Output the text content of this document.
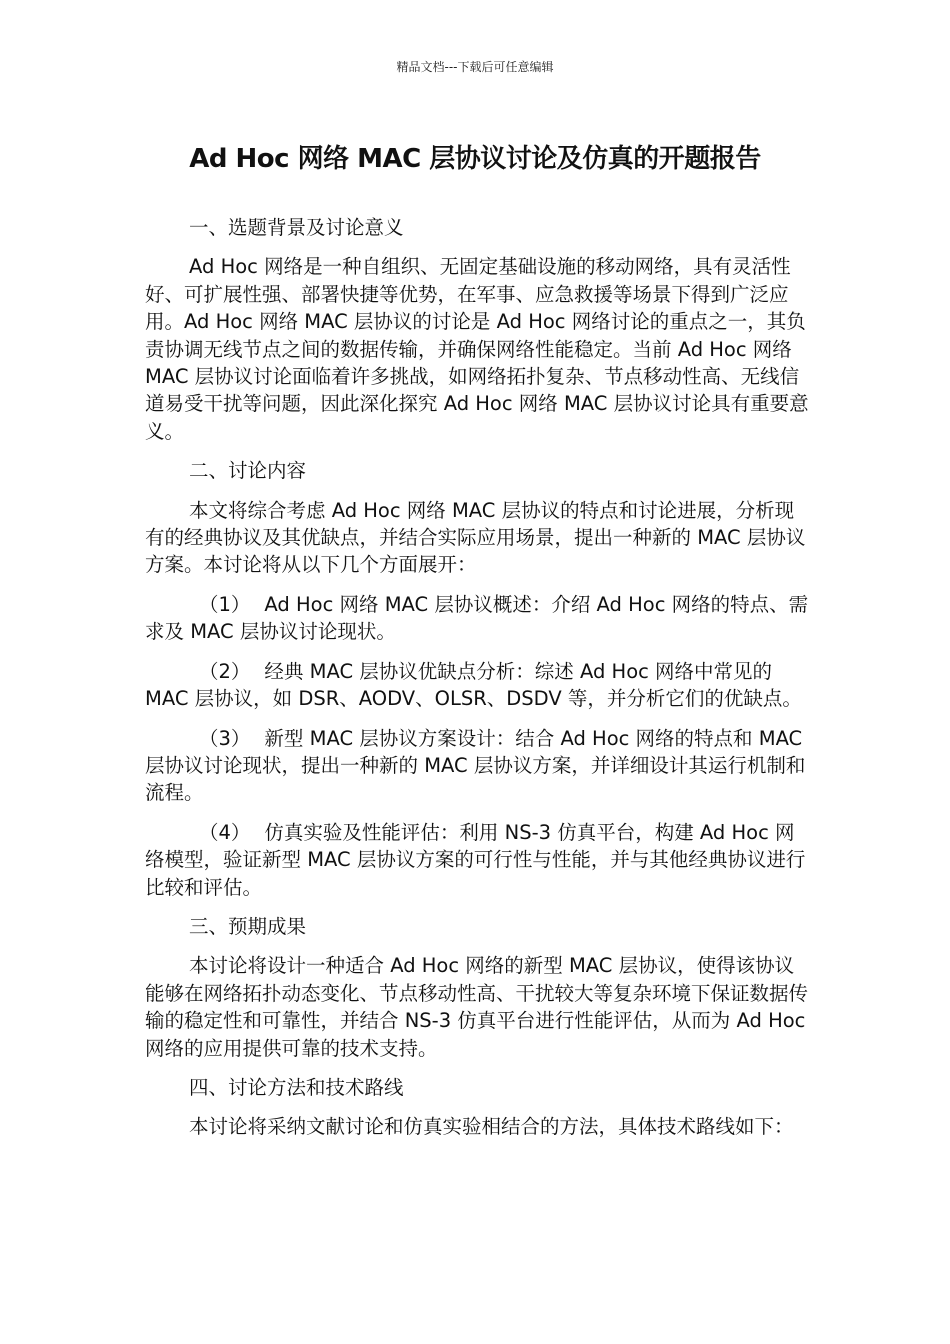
精品文档---下载后可任意编辑
Ad Hoc 网络 MAC 层协议讨论及仿真的开题报告

一、选题背景及讨论意义

Ad Hoc 网络是一种自组织、无固定基础设施的移动网络，具有灵活性好、可扩展性强、部署快捷等优势，在军事、应急救援等场景下得到广泛应用。Ad Hoc 网络 MAC 层协议的讨论是 Ad Hoc 网络讨论的重点之一，其负责协调无线节点之间的数据传输，并确保网络性能稳定。当前 Ad Hoc 网络 MAC 层协议讨论面临着许多挑战，如网络拓扑复杂、节点移动性高、无线信道易受干扰等问题，因此深化探究 Ad Hoc 网络 MAC 层协议讨论具有重要意义。

二、讨论内容

本文将综合考虑 Ad Hoc 网络 MAC 层协议的特点和讨论进展，分析现有的经典协议及其优缺点，并结合实际应用场景，提出一种新的 MAC 层协议方案。本讨论将从以下几个方面展开：

（1） Ad Hoc 网络 MAC 层协议概述：介绍 Ad Hoc 网络的特点、需求及 MAC 层协议讨论现状。

（2） 经典 MAC 层协议优缺点分析：综述 Ad Hoc 网络中常见的 MAC 层协议，如 DSR、AODV、OLSR、DSDV 等，并分析它们的优缺点。

（3） 新型 MAC 层协议方案设计：结合 Ad Hoc 网络的特点和 MAC 层协议讨论现状，提出一种新的 MAC 层协议方案，并详细设计其运行机制和流程。

（4） 仿真实验及性能评估：利用 NS-3 仿真平台，构建 Ad Hoc 网络模型，验证新型 MAC 层协议方案的可行性与性能，并与其他经典协议进行比较和评估。

三、预期成果

本讨论将设计一种适合 Ad Hoc 网络的新型 MAC 层协议，使得该协议能够在网络拓扑动态变化、节点移动性高、干扰较大等复杂环境下保证数据传输的稳定性和可靠性，并结合 NS-3 仿真平台进行性能评估，从而为 Ad Hoc 网络的应用提供可靠的技术支持。

四、讨论方法和技术路线

本讨论将采纳文献讨论和仿真实验相结合的方法，具体技术路线如下：
